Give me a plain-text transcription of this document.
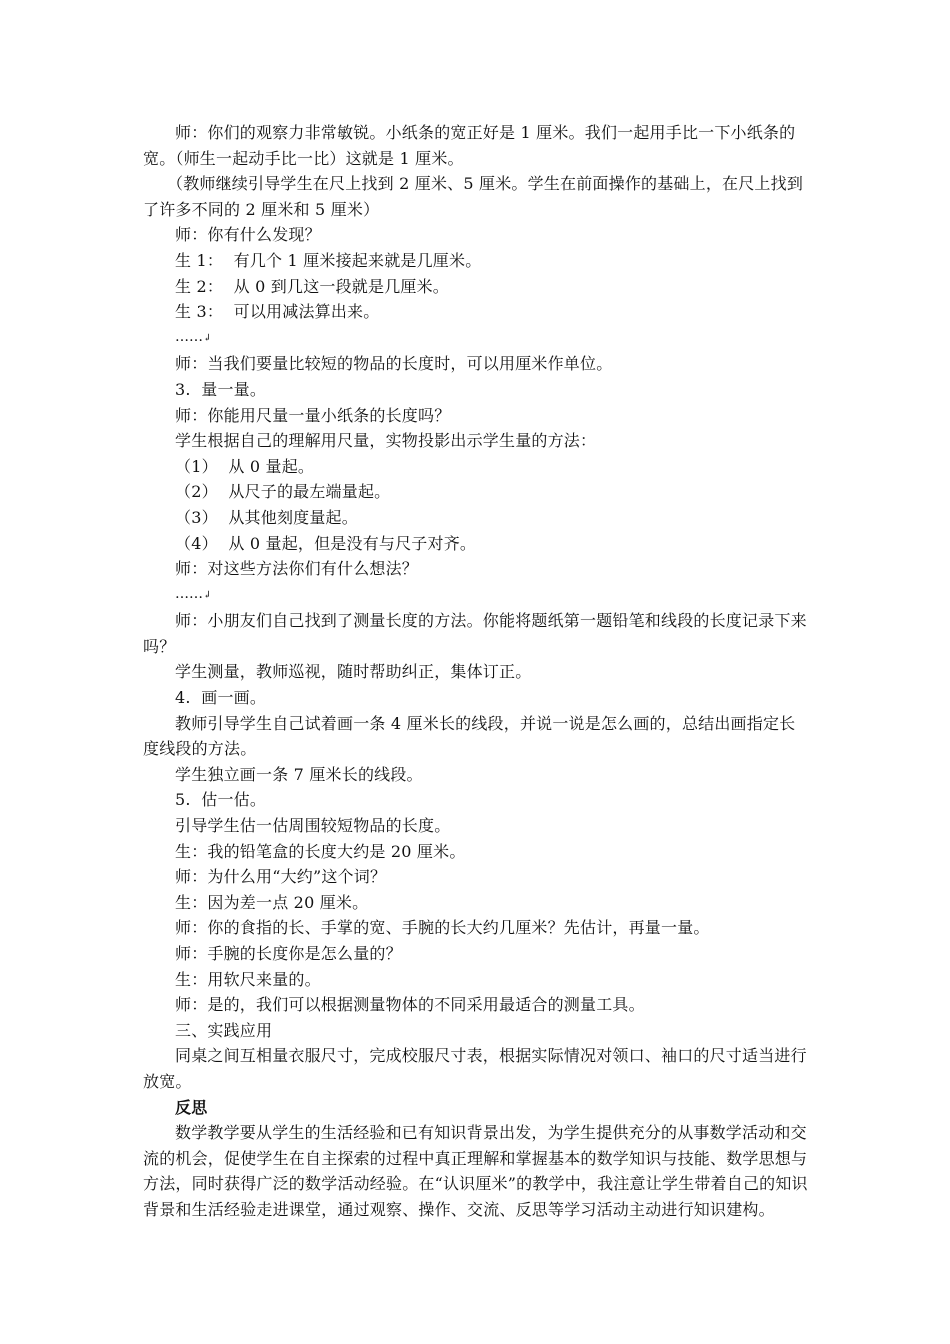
师：你们的观察力非常敏锐。小纸条的宽正好是 1 厘米。我们一起用手比一下小纸条的宽。（师生一起动手比一比）这就是 1 厘米。

（教师继续引导学生在尺上找到 2 厘米、5 厘米。学生在前面操作的基础上，在尺上找到了许多不同的 2 厘米和 5 厘米）

师：你有什么发现？

生 1：  有几个 1 厘米接起来就是几厘米。

生 2：  从 0 到几这一段就是几厘米。

生 3：  可以用减法算出来。

……↲

师：当我们要量比较短的物品的长度时，可以用厘米作单位。

3.  量一量。

师：你能用尺量一量小纸条的长度吗？

学生根据自己的理解用尺量，实物投影出示学生量的方法：

（1）  从 0 量起。

（2）  从尺子的最左端量起。

（3）  从其他刻度量起。

（4）  从 0 量起，但是没有与尺子对齐。

师：对这些方法你们有什么想法？

……↲

师：小朋友们自己找到了测量长度的方法。你能将题纸第一题铅笔和线段的长度记录下来吗？

学生测量，教师巡视，随时帮助纠正，集体订正。

4.  画一画。

教师引导学生自己试着画一条 4 厘米长的线段，并说一说是怎么画的，总结出画指定长度线段的方法。

学生独立画一条 7 厘米长的线段。

5.  估一估。

引导学生估一估周围较短物品的长度。

生：我的铅笔盒的长度大约是 20 厘米。

师：为什么用“大约”这个词？

生：因为差一点 20 厘米。

师：你的食指的长、手掌的宽、手腕的长大约几厘米？先估计，再量一量。

师：手腕的长度你是怎么量的？

生：用软尺来量的。

师：是的，我们可以根据测量物体的不同采用最适合的测量工具。

三、实践应用

同桌之间互相量衣服尺寸，完成校服尺寸表，根据实际情况对领口、袖口的尺寸适当进行放宽。

反思

数学教学要从学生的生活经验和已有知识背景出发，为学生提供充分的从事数学活动和交流的机会，促使学生在自主探索的过程中真正理解和掌握基本的数学知识与技能、数学思想与方法，同时获得广泛的数学活动经验。在“认识厘米”的教学中，我注意让学生带着自己的知识背景和生活经验走进课堂，通过观察、操作、交流、反思等学习活动主动进行知识建构。
